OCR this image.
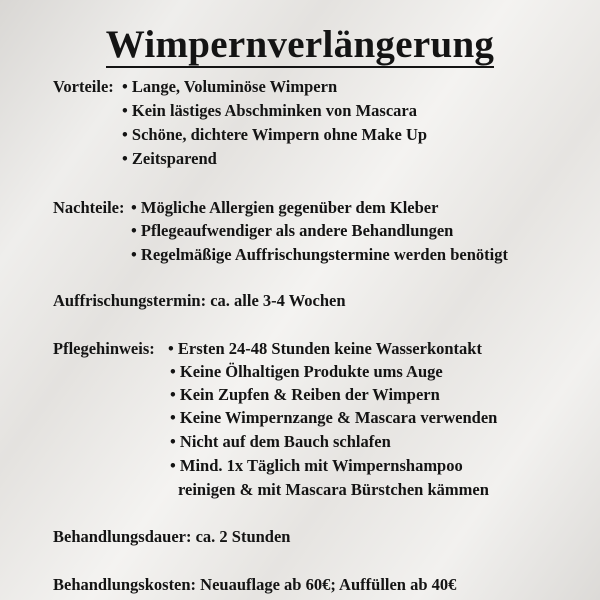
Wimpernverlängerung
Vorteile: • Lange, Voluminöse Wimpern
• Kein lästiges Abschminken von Mascara
• Schöne, dichtere Wimpern ohne Make Up
• Zeitsparend
Nachteile: • Mögliche Allergien gegenüber dem Kleber
• Pflegeaufwendiger als andere Behandlungen
• Regelmäßige Auffrischungstermine werden benötigt
Auffrischungstermin: ca. alle 3-4 Wochen
Pflegehinweis: • Ersten 24-48 Stunden keine Wasserkontakt
• Keine Ölhaltigen Produkte ums Auge
• Kein Zupfen & Reiben der Wimpern
• Keine Wimpernzange & Mascara verwenden
• Nicht auf dem Bauch schlafen
• Mind. 1x Täglich mit Wimpernshampoo
reinigen & mit Mascara Bürstchen kämmen
Behandlungsdauer: ca. 2 Stunden
Behandlungskosten: Neuauflage ab 60€; Auffüllen ab 40€
